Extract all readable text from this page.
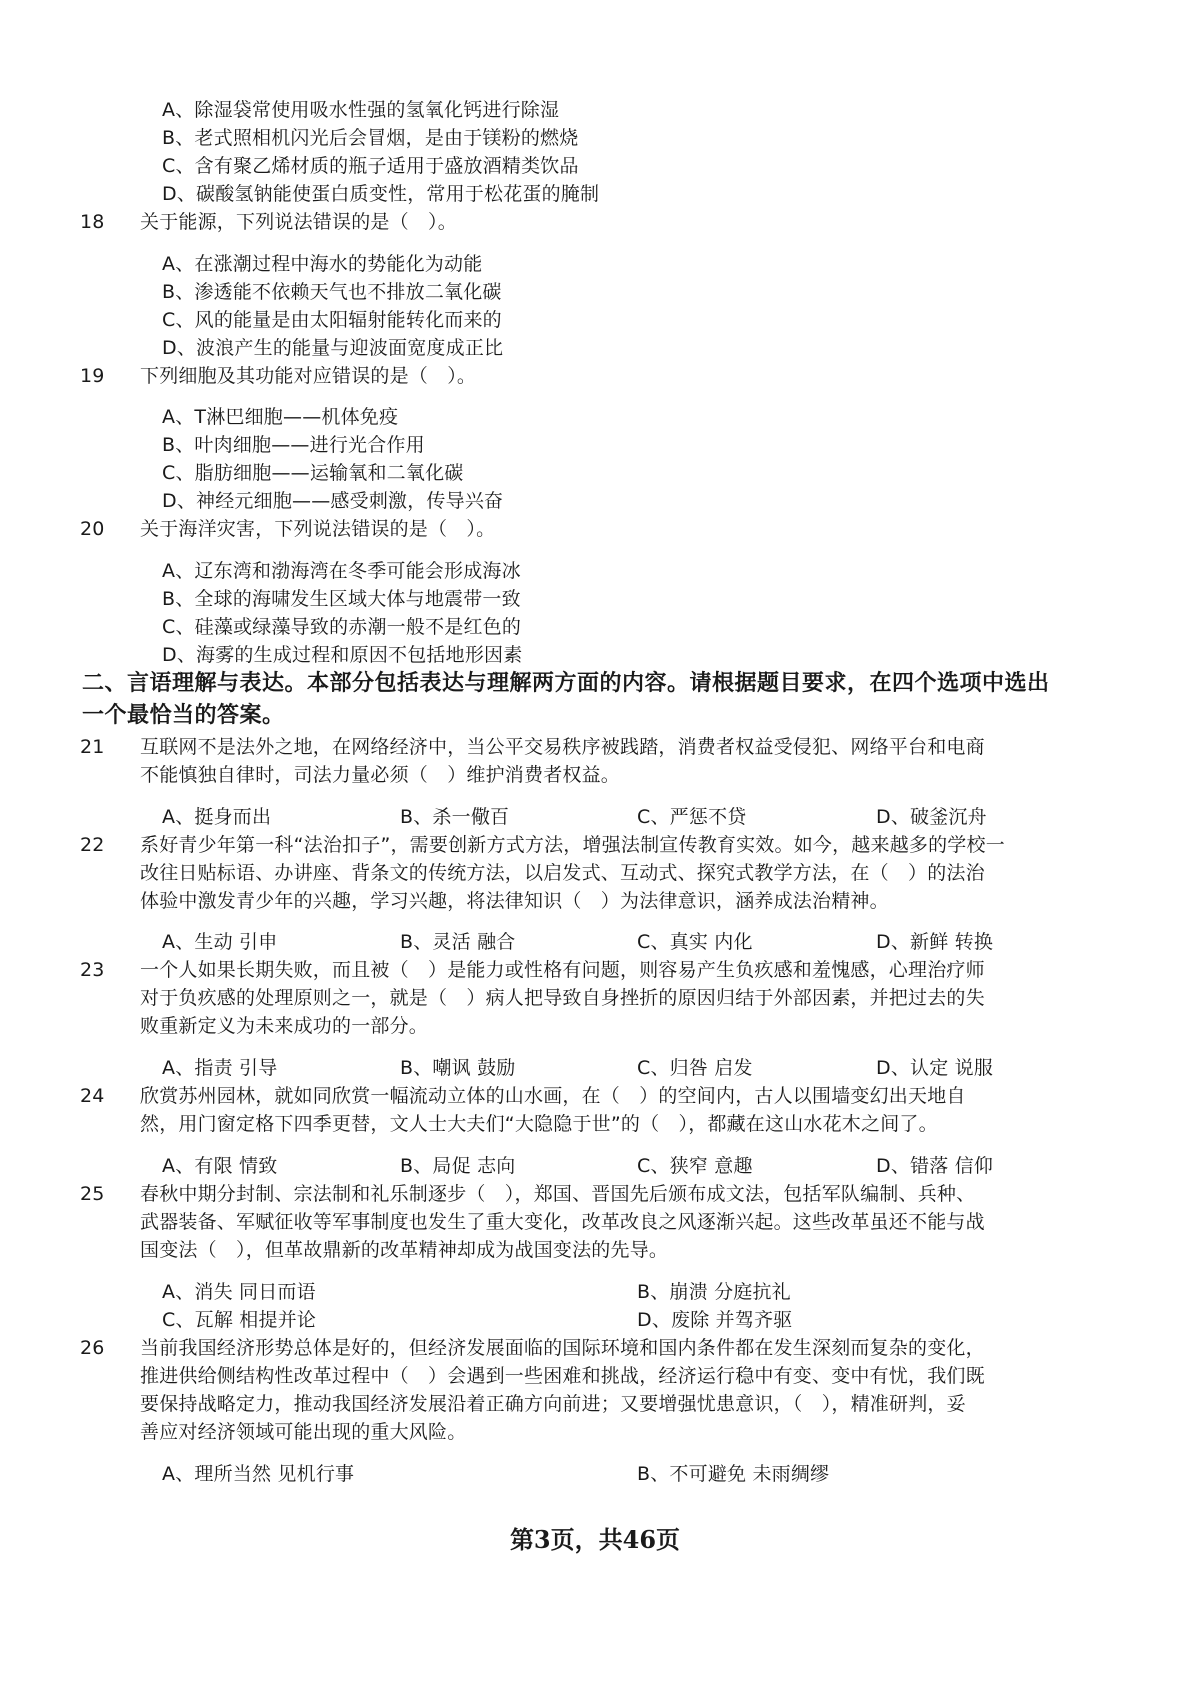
A、除湿袋常使用吸水性强的氢氧化钙进行除湿
B、老式照相机闪光后会冒烟，是由于镁粉的燃烧
C、含有聚乙烯材质的瓶子适用于盛放酒精类饮品
D、碳酸氢钠能使蛋白质变性，常用于松花蛋的腌制
18 关于能源，下列说法错误的是（　）。
A、在涨潮过程中海水的势能化为动能
B、渗透能不依赖天气也不排放二氧化碳
C、风的能量是由太阳辐射能转化而来的
D、波浪产生的能量与迎波面宽度成正比
19 下列细胞及其功能对应错误的是（　）。
A、T淋巴细胞——机体免疫
B、叶肉细胞——进行光合作用
C、脂肪细胞——运输氧和二氧化碳
D、神经元细胞——感受刺激，传导兴奋
20 关于海洋灾害，下列说法错误的是（　）。
A、辽东湾和渤海湾在冬季可能会形成海冰
B、全球的海啸发生区域大体与地震带一致
C、硅藻或绿藻导致的赤潮一般不是红色的
D、海雾的生成过程和原因不包括地形因素
二、言语理解与表达。本部分包括表达与理解两方面的内容。请根据题目要求，在四个选项中选出
一个最恰当的答案。
21 互联网不是法外之地，在网络经济中，当公平交易秩序被践踏，消费者权益受侵犯、网络平台和电商
不能慎独自律时，司法力量必须（　）维护消费者权益。
A、挺身而出	B、杀一儆百	C、严惩不贷	D、破釜沉舟
22 系好青少年第一科“法治扣子”，需要创新方式方法，增强法制宣传教育实效。如今，越来越多的学校一
改往日贴标语、办讲座、背条文的传统方法，以启发式、互动式、探究式教学方法，在（　）的法治
体验中激发青少年的兴趣，学习兴趣，将法律知识（　）为法律意识，涵养成法治精神。
A、生动 引申	B、灵活 融合	C、真实 内化	D、新鲜 转换
23 一个人如果长期失败，而且被（　）是能力或性格有问题，则容易产生负疚感和羞愧感，心理治疗师
对于负疚感的处理原则之一，就是（　）病人把导致自身挫折的原因归结于外部因素，并把过去的失
败重新定义为未来成功的一部分。
A、指责 引导	B、嘲讽 鼓励	C、归咎 启发	D、认定 说服
24 欣赏苏州园林，就如同欣赏一幅流动立体的山水画，在（　）的空间内，古人以围墙变幻出天地自
然，用门窗定格下四季更替，文人士大夫们“大隐隐于世”的（　），都藏在这山水花木之间了。
A、有限 情致	B、局促 志向	C、狭窄 意趣	D、错落 信仰
25 春秋中期分封制、宗法制和礼乐制逐步（　），郑国、晋国先后颁布成文法，包括军队编制、兵种、
武器装备、军赋征收等军事制度也发生了重大变化，改革改良之风逐渐兴起。这些改革虽还不能与战
国变法（　），但革故鼎新的改革精神却成为战国变法的先导。
A、消失 同日而语	B、崩溃 分庭抗礼
C、瓦解 相提并论	D、废除 并驾齐驱
26 当前我国经济形势总体是好的，但经济发展面临的国际环境和国内条件都在发生深刻而复杂的变化，
推进供给侧结构性改革过程中（　）会遇到一些困难和挑战，经济运行稳中有变、变中有忧，我们既
要保持战略定力，推动我国经济发展沿着正确方向前进；又要增强忧患意识，（　），精准研判，妥
善应对经济领域可能出现的重大风险。
A、理所当然 见机行事	B、不可避免 未雨绸缪
第3页，共46页
